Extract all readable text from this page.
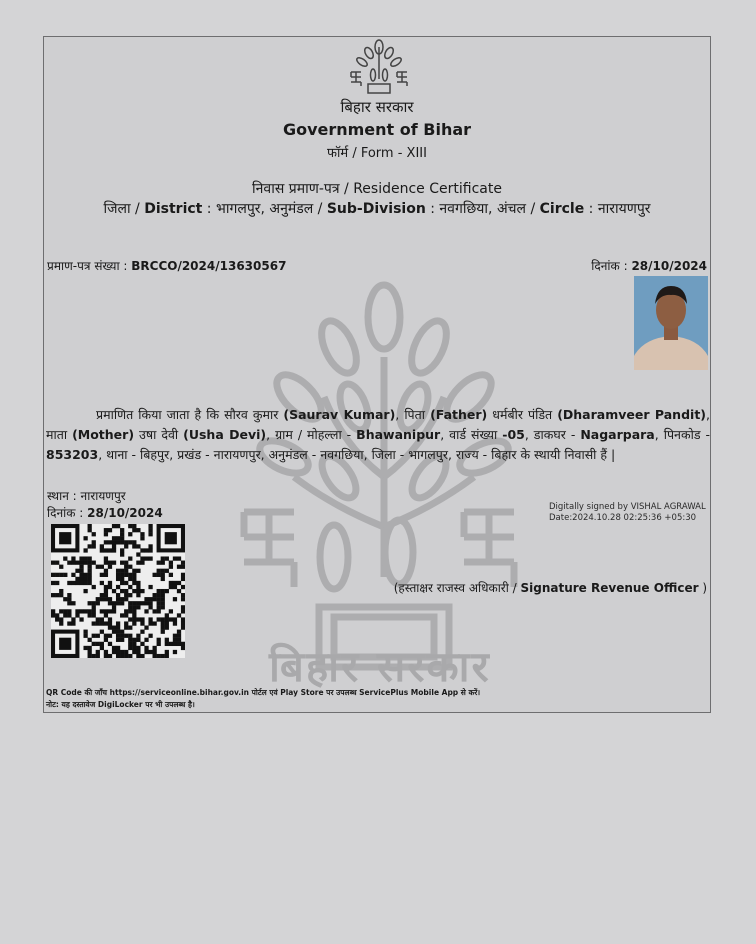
बिहार सरकार
बिहार सरकार
Government of Bihar
फॉर्म / Form - XIII
निवास प्रमाण-पत्र / Residence Certificate
जिला / District : भागलपुर, अनुमंडल / Sub-Division : नवगछिया, अंचल / Circle : नारायणपुर
प्रमाण-पत्र संख्या : BRCCO/2024/13630567	दिनांक : 28/10/2024
प्रमाणित किया जाता है कि सौरव कुमार (Saurav Kumar), पिता (Father) धर्मबीर पंडित (Dharamveer Pandit), माता (Mother) उषा देवी (Usha Devi), ग्राम / मोहल्ला - Bhawanipur, वार्ड संख्या -05, डाकघर - Nagarpara, पिनकोड - 853203, थाना - बिहपुर, प्रखंड - नारायणपुर, अनुमंडल - नवगछिया, जिला - भागलपुर, राज्य - बिहार के स्थायी निवासी हैं |
स्थान : नारायणपुर
दिनांक : 28/10/2024	Digitally signed by VISHAL AGRAWAL
Date:2024.10.28 02:25:36 +05:30
(हस्ताक्षर राजस्व अधिकारी / Signature Revenue Officer )
QR Code की जाँच https://serviceonline.bihar.gov.in पोर्टल एवं Play Store पर उपलब्ध ServicePlus Mobile App से करें।
नोट: यह दस्तावेज DigiLocker पर भी उपलब्ध है।
